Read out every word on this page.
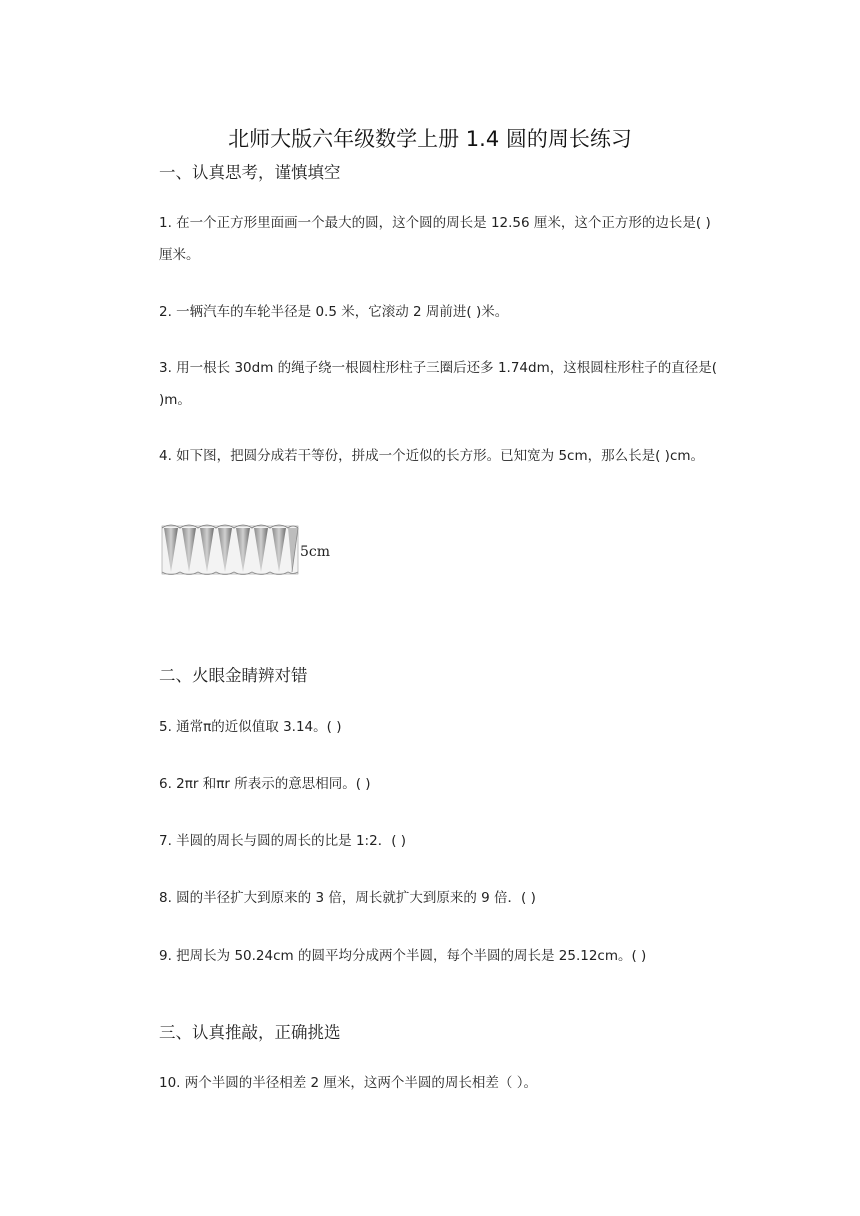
北师大版六年级数学上册 1.4 圆的周长练习
一、认真思考，谨慎填空
1. 在一个正方形里面画一个最大的圆，这个圆的周长是 12.56 厘米，这个正方形的边长是( )厘米。
2. 一辆汽车的车轮半径是 0.5 米，它滚动 2 周前进( )米。
3. 用一根长 30dm 的绳子绕一根圆柱形柱子三圈后还多 1.74dm，这根圆柱形柱子的直径是( )m。
4. 如下图，把圆分成若干等份，拼成一个近似的长方形。已知宽为 5cm，那么长是( )cm。
5cm
二、火眼金睛辨对错
5. 通常π的近似值取 3.14。( )
6. 2πr 和πr 所表示的意思相同。( )
7. 半圆的周长与圆的周长的比是 1:2．( )
8. 圆的半径扩大到原来的 3 倍，周长就扩大到原来的 9 倍．( )
9. 把周长为 50.24cm 的圆平均分成两个半圆，每个半圆的周长是 25.12cm。( )
三、认真推敲，正确挑选
10. 两个半圆的半径相差 2 厘米，这两个半圆的周长相差（ ）。
